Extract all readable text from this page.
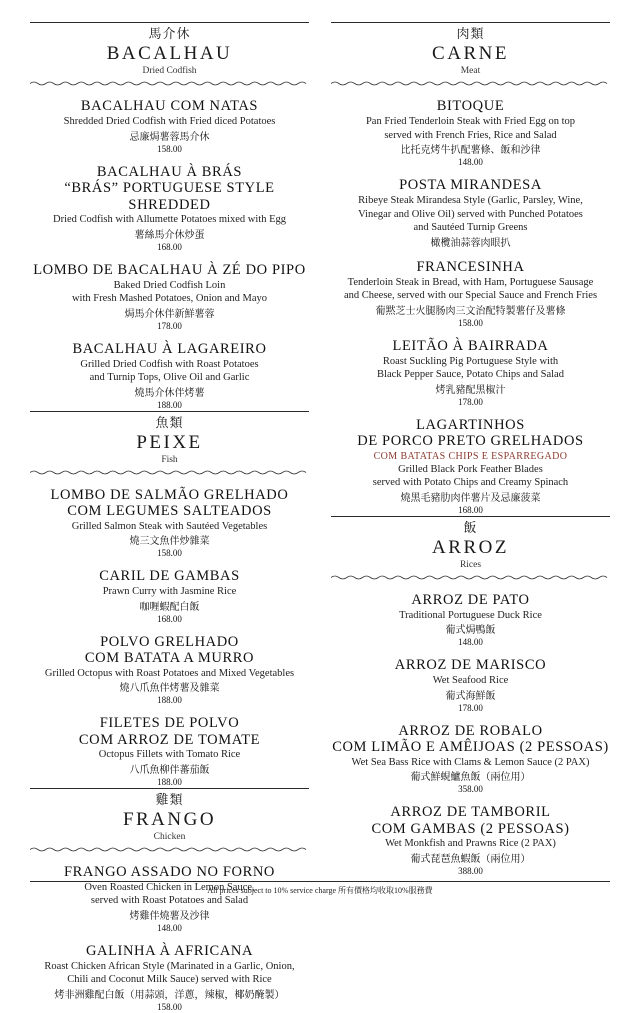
馬介休
BACALHAU
Dried Codfish
BACALHAU COM NATAS
Shredded Dried Codfish with Fried diced Potatoes
忌廉焗薯蓉馬介休
158.00
BACALHAU À BRÁS
“BRÁS” PORTUGUESE STYLE SHREDDED
Dried Codfish with Allumette Potatoes mixed with Egg
薯絲馬介休炒蛋
168.00
LOMBO DE BACALHAU À ZÉ DO PIPO
Baked Dried Codfish Loin
with Fresh Mashed Potatoes, Onion and Mayo
焗馬介休伴新鮮薯蓉
178.00
BACALHAU À LAGAREIRO
Grilled Dried Codfish with Roast Potatoes
and Turnip Tops, Olive Oil and Garlic
燒馬介休伴烤薯
188.00
魚類
PEIXE
Fish
LOMBO DE SALMÃO GRELHADO
COM LEGUMES SALTEADOS
Grilled Salmon Steak with Sautéed Vegetables
燒三文魚伴炒雜菜
158.00
CARIL DE GAMBAS
Prawn Curry with Jasmine Rice
咖喱蝦配白飯
168.00
POLVO GRELHADO
COM BATATA A MURRO
Grilled Octopus with Roast Potatoes and Mixed Vegetables
燒八爪魚伴烤薯及雜菜
188.00
FILETES DE POLVO
COM ARROZ DE TOMATE
Octopus Fillets with Tomato Rice
八爪魚柳伴蕃茄飯
188.00
雞類
FRANGO
Chicken
FRANGO ASSADO NO FORNO
Oven Roasted Chicken in Lemon Sauce,
served with Roast Potatoes and Salad
烤雞伴燒薯及沙律
148.00
GALINHA À AFRICANA
Roast Chicken African Style (Marinated in a Garlic, Onion,
Chili and Coconut Milk Sauce) served with Rice
烤非洲雞配白飯（用蒜頭，洋蔥，辣椒，椰奶醃製）
158.00
肉類
CARNE
Meat
BITOQUE
Pan Fried Tenderloin Steak with Fried Egg on top
served with French Fries, Rice and Salad
比托克烤牛扒配薯條、飯和沙律
148.00
POSTA MIRANDESA
Ribeye Steak Mirandesa Style (Garlic, Parsley, Wine,
Vinegar and Olive Oil) served with Punched Potatoes
and Sautéed Turnip Greens
橄欖油蒜蓉肉眼扒
FRANCESINHA
Tenderloin Steak in Bread, with Ham, Portuguese Sausage
and Cheese, served with our Special Sauce and French Fries
葡黙芝士火腿肠肉三文治配特製薯仔及薯條
158.00
LEITÃO À BAIRRADA
Roast Suckling Pig Portuguese Style with
Black Pepper Sauce, Potato Chips and Salad
烤乳豬配黑椒汁
178.00
LAGARTINHOS
DE PORCO PRETO GRELHADOS
COM BATATAS CHIPS E ESPARREGADO
Grilled Black Pork Feather Blades
served with Potato Chips and Creamy Spinach
燒黑毛豬肋肉伴薯片及忌廉菠菜
168.00
飯
ARROZ
Rices
ARROZ DE PATO
Traditional Portuguese Duck Rice
葡式焗鴨飯
148.00
ARROZ DE MARISCO
Wet Seafood Rice
葡式海鮮飯
178.00
ARROZ DE ROBALO
COM LIMÃO E AMÊIJOAS (2 PESSOAS)
Wet Sea Bass Rice with Clams & Lemon Sauce (2 PAX)
葡式鮮蜆鱸魚飯（兩位用）
358.00
ARROZ DE TAMBORIL
COM GAMBAS (2 PESSOAS)
Wet Monkfish and Prawns Rice (2 PAX)
葡式琵琶魚蝦飯（兩位用）
388.00
All prices subject to 10% service charge 所有價格均收取10%服務費
